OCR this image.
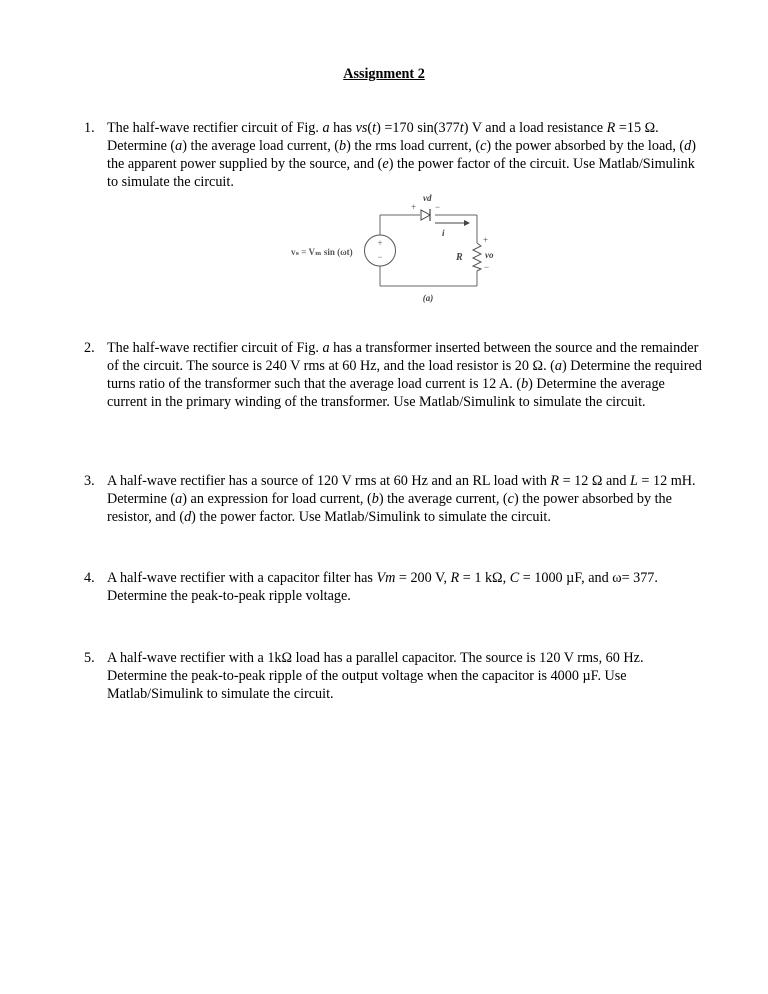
Assignment 2
1. The half-wave rectifier circuit of Fig. a has vs(t) =170 sin(377t) V and a load resistance R =15 Ω. Determine (a) the average load current, (b) the rms load current, (c) the power absorbed by the load, (d) the apparent power supplied by the source, and (e) the power factor of the circuit. Use Matlab/Simulink to simulate the circuit.
+
−
vd
+ −
i
R
+
vo
−
vₛ = Vₘ sin (ωt)
(a)
2. The half-wave rectifier circuit of Fig. a has a transformer inserted between the source and the remainder of the circuit. The source is 240 V rms at 60 Hz, and the load resistor is 20 Ω. (a) Determine the required turns ratio of the transformer such that the average load current is 12 A. (b) Determine the average current in the primary winding of the transformer. Use Matlab/Simulink to simulate the circuit.
3. A half-wave rectifier has a source of 120 V rms at 60 Hz and an RL load with R = 12 Ω and L = 12 mH. Determine (a) an expression for load current, (b) the average current, (c) the power absorbed by the resistor, and (d) the power factor. Use Matlab/Simulink to simulate the circuit.
4. A half-wave rectifier with a capacitor filter has Vm = 200 V, R = 1 kΩ, C = 1000 µF, and ω= 377. Determine the peak-to-peak ripple voltage.
5. A half-wave rectifier with a 1kΩ load has a parallel capacitor. The source is 120 V rms, 60 Hz. Determine the peak-to-peak ripple of the output voltage when the capacitor is 4000 µF. Use Matlab/Simulink to simulate the circuit.
